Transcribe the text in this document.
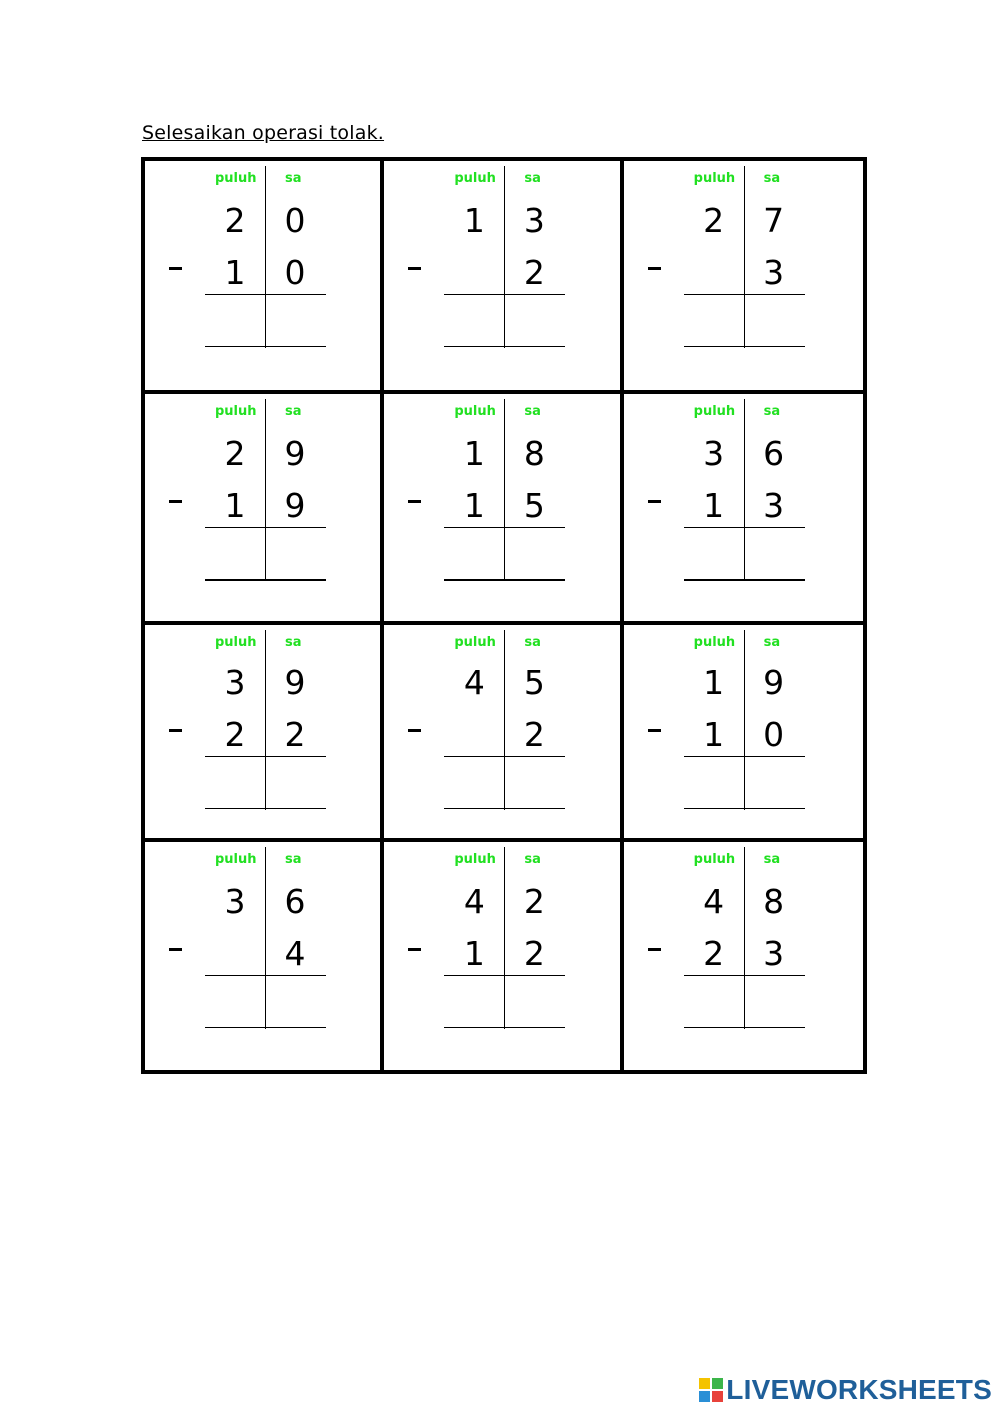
Selesaikan operasi tolak.
puluh sa
2 0
1 0
puluh sa
1 3
2
puluh sa
2 7
3
puluh sa
2 9
1 9
puluh sa
1 8
1 5
puluh sa
3 6
1 3
puluh sa
3 9
2 2
puluh sa
4 5
2
puluh sa
1 9
1 0
puluh sa
3 6
4
puluh sa
4 2
1 2
puluh sa
4 8
2 3
LIVEWORKSHEETS
